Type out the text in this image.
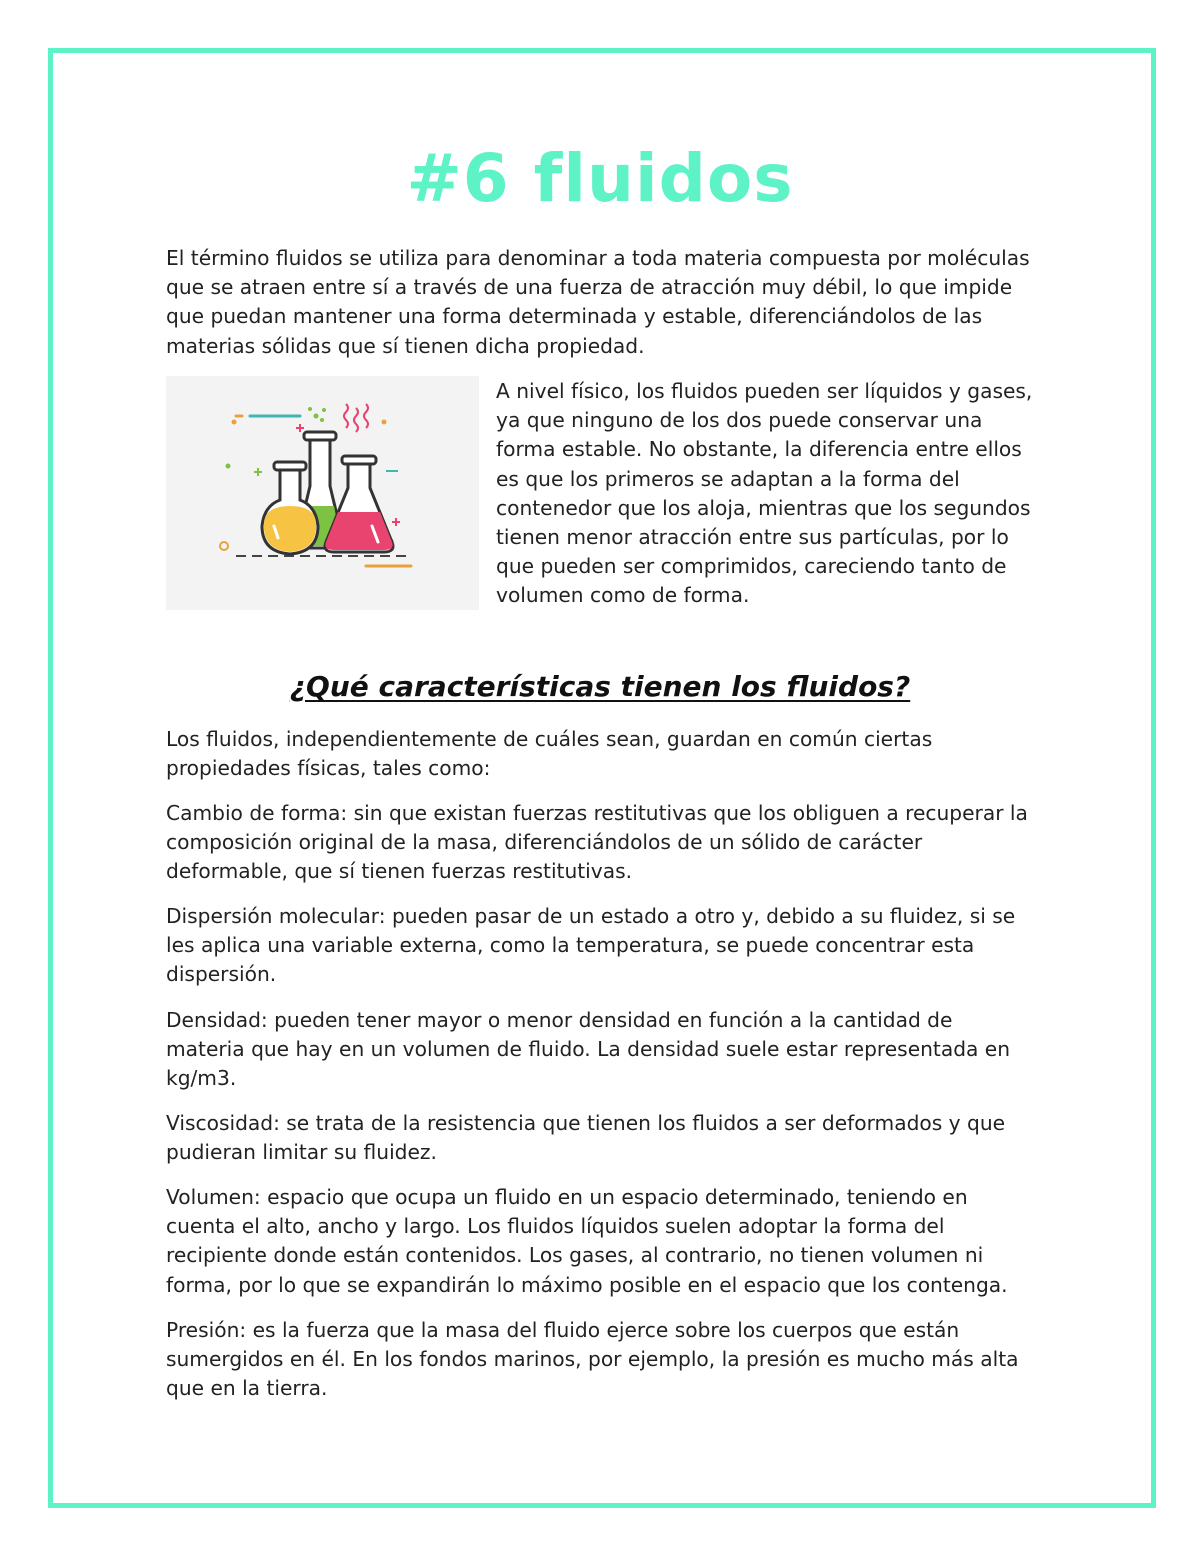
#6 fluidos

El término fluidos se utiliza para denominar a toda materia compuesta por moléculas que se atraen entre sí a través de una fuerza de atracción muy débil, lo que impide que puedan mantener una forma determinada y estable, diferenciándolos de las materias sólidas que sí tienen dicha propiedad.

A nivel físico, los fluidos pueden ser líquidos y gases, ya que ninguno de los dos puede conservar una forma estable. No obstante, la diferencia entre ellos es que los primeros se adaptan a la forma del contenedor que los aloja, mientras que los segundos tienen menor atracción entre sus partículas, por lo que pueden ser comprimidos, careciendo tanto de volumen como de forma.

¿Qué características tienen los fluidos?

Los fluidos, independientemente de cuáles sean, guardan en común ciertas propiedades físicas, tales como:

Cambio de forma: sin que existan fuerzas restitutivas que los obliguen a recuperar la composición original de la masa, diferenciándolos de un sólido de carácter deformable, que sí tienen fuerzas restitutivas.

Dispersión molecular: pueden pasar de un estado a otro y, debido a su fluidez, si se les aplica una variable externa, como la temperatura, se puede concentrar esta dispersión.

Densidad: pueden tener mayor o menor densidad en función a la cantidad de materia que hay en un volumen de fluido. La densidad suele estar representada en kg/m3.

Viscosidad: se trata de la resistencia que tienen los fluidos a ser deformados y que pudieran limitar su fluidez.

Volumen: espacio que ocupa un fluido en un espacio determinado, teniendo en cuenta el alto, ancho y largo. Los fluidos líquidos suelen adoptar la forma del recipiente donde están contenidos. Los gases, al contrario, no tienen volumen ni forma, por lo que se expandirán lo máximo posible en el espacio que los contenga.

Presión: es la fuerza que la masa del fluido ejerce sobre los cuerpos que están sumergidos en él. En los fondos marinos, por ejemplo, la presión es mucho más alta que en la tierra.
